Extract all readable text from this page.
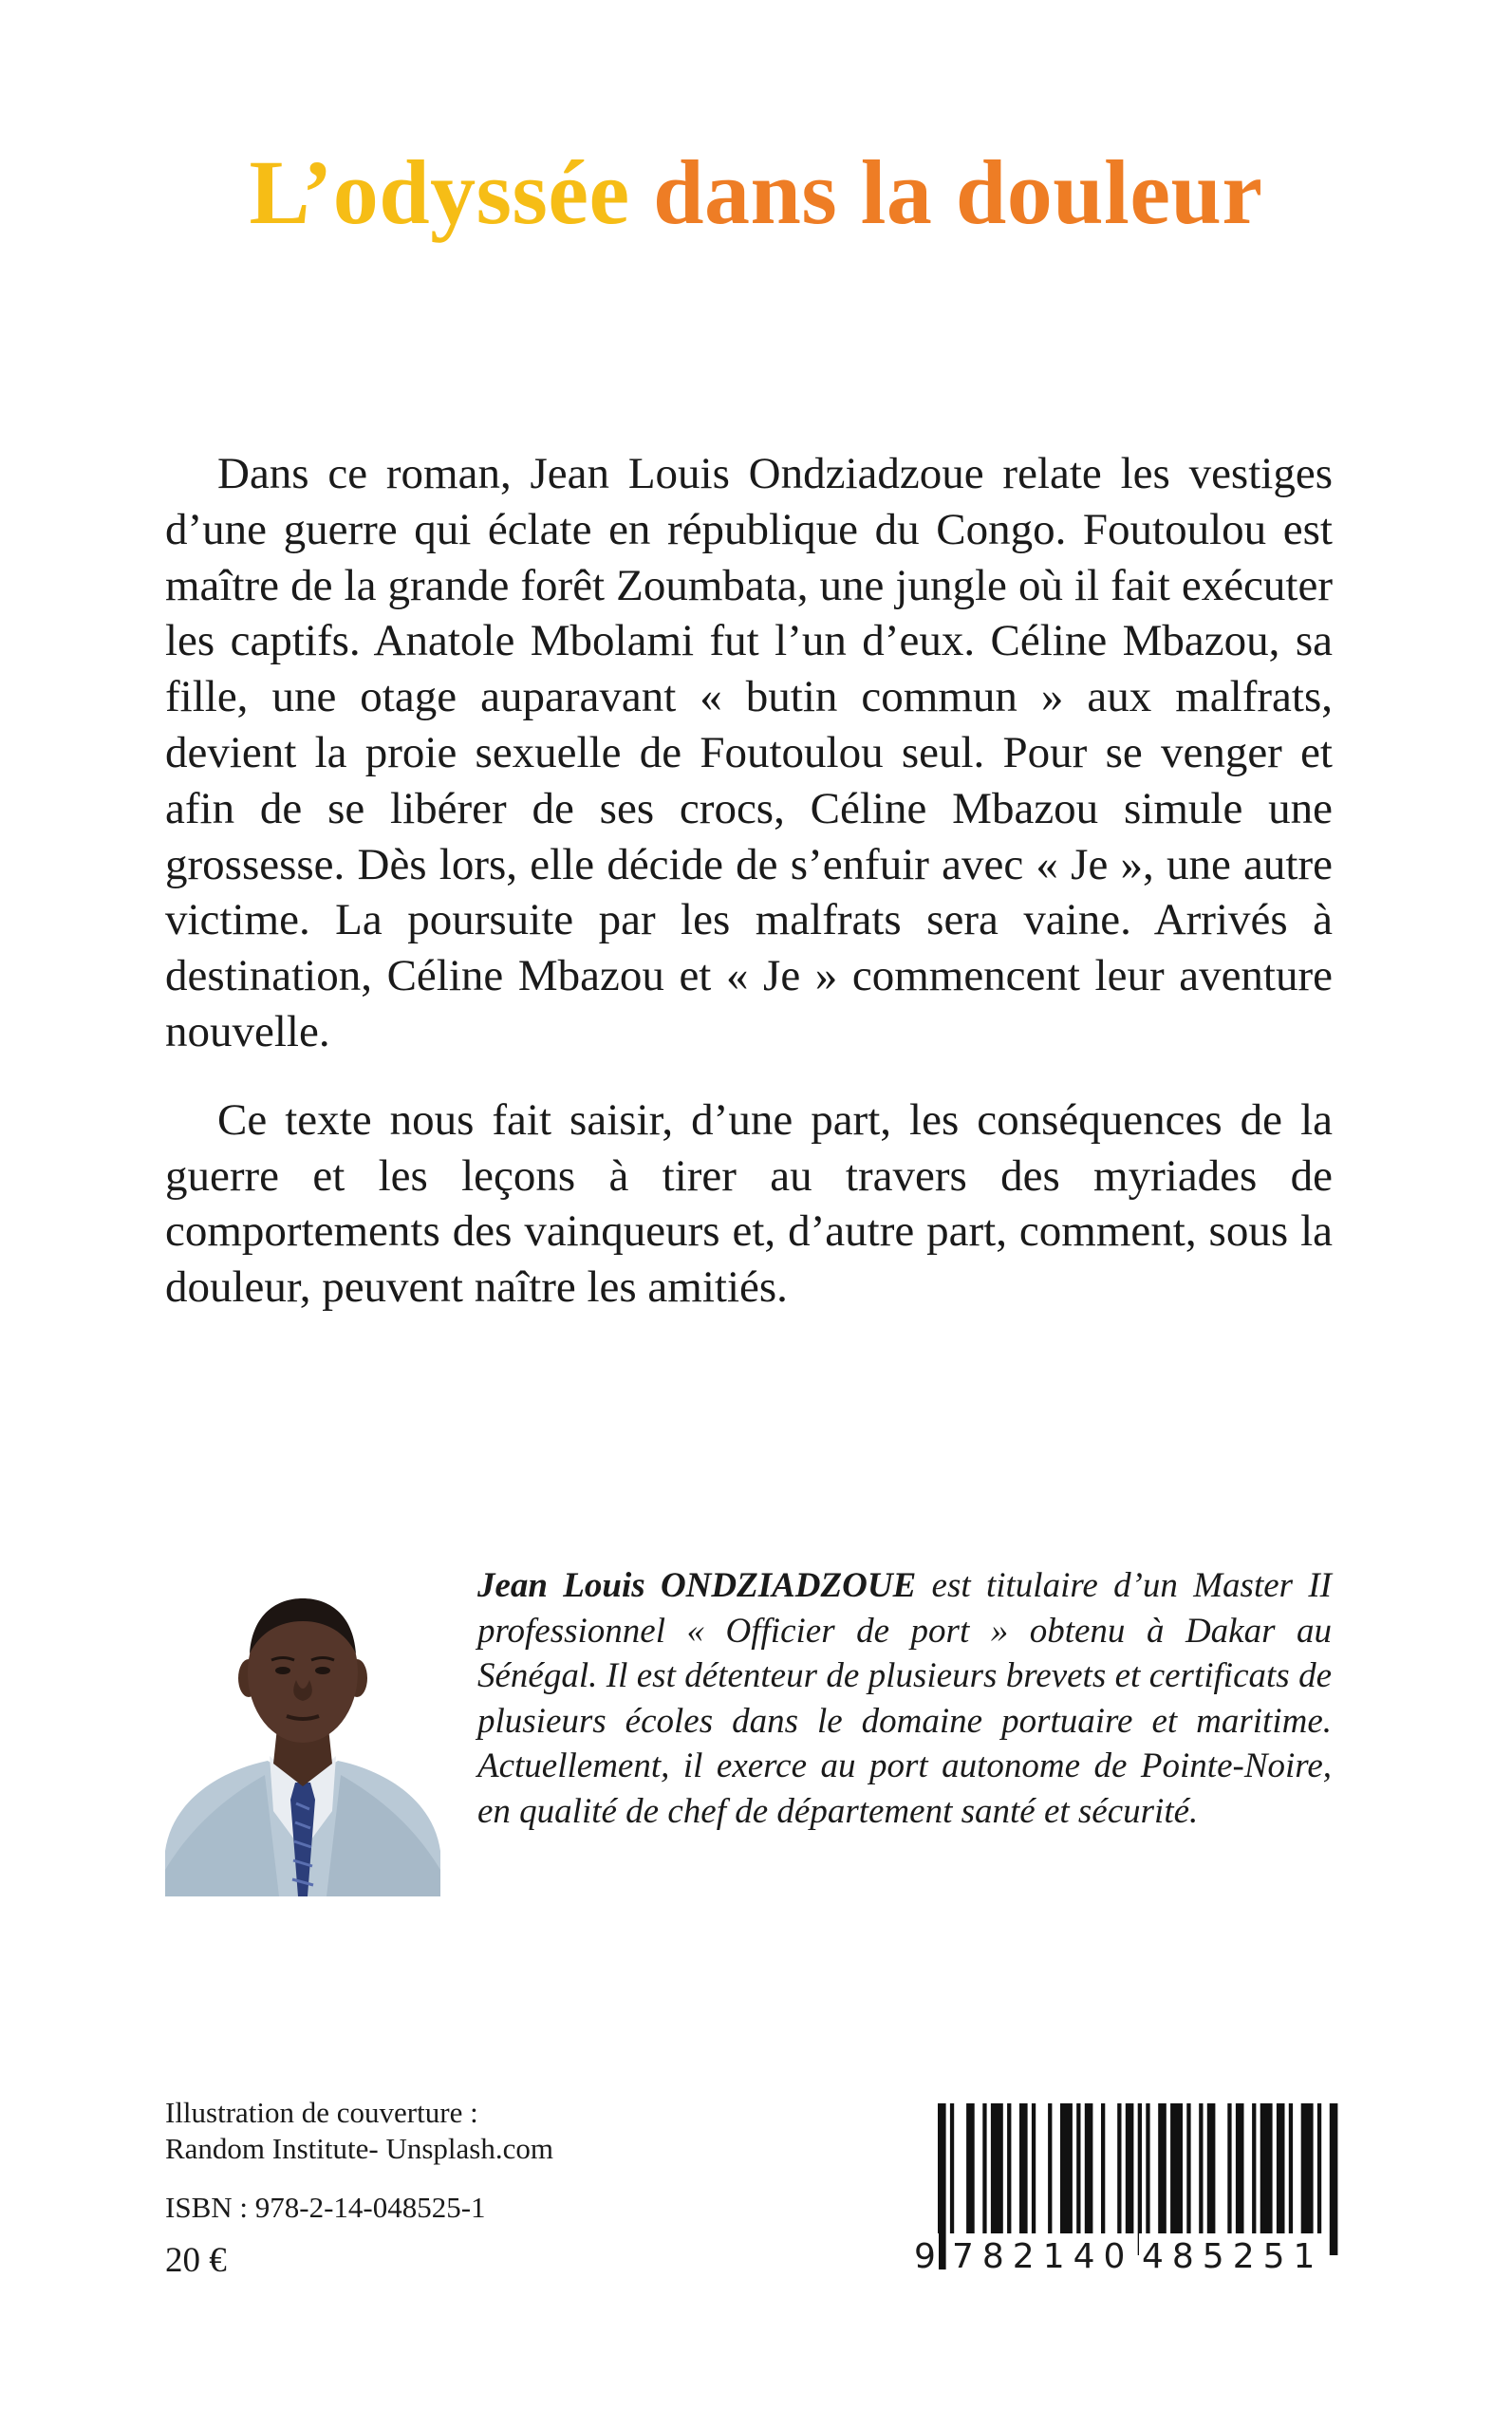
L’odyssée dans la douleur

Dans ce roman, Jean Louis Ondziadzoue relate les vestiges d’une guerre qui éclate en république du Congo. Foutoulou est maître de la grande forêt Zoumbata, une jungle où il fait exécuter les captifs. Anatole Mbolami fut l’un d’eux. Céline Mbazou, sa fille, une otage auparavant « butin commun » aux malfrats, devient la proie sexuelle de Foutoulou seul. Pour se venger et afin de se libérer de ses crocs, Céline Mbazou simule une grossesse. Dès lors, elle décide de s’enfuir avec « Je », une autre victime. La poursuite par les malfrats sera vaine. Arrivés à destination, Céline Mbazou et « Je » commencent leur aventure nouvelle.

Ce texte nous fait saisir, d’une part, les conséquences de la guerre et les leçons à tirer au travers des myriades de comportements des vainqueurs et, d’autre part, comment, sous la douleur, peuvent naître les amitiés.

Jean Louis ONDZIADZOUE est titulaire d’un Master II professionnel « Officier de port » obtenu à Dakar au Sénégal. Il est détenteur de plusieurs brevets et certificats de plusieurs écoles dans le domaine portuaire et maritime. Actuellement, il exerce au port autonome de Pointe-Noire, en qualité de chef de département santé et sécurité.
Illustration de couverture :
Random Institute- Unsplash.com
ISBN : 978-2-14-048525-1
20 €	9 782140 485251
